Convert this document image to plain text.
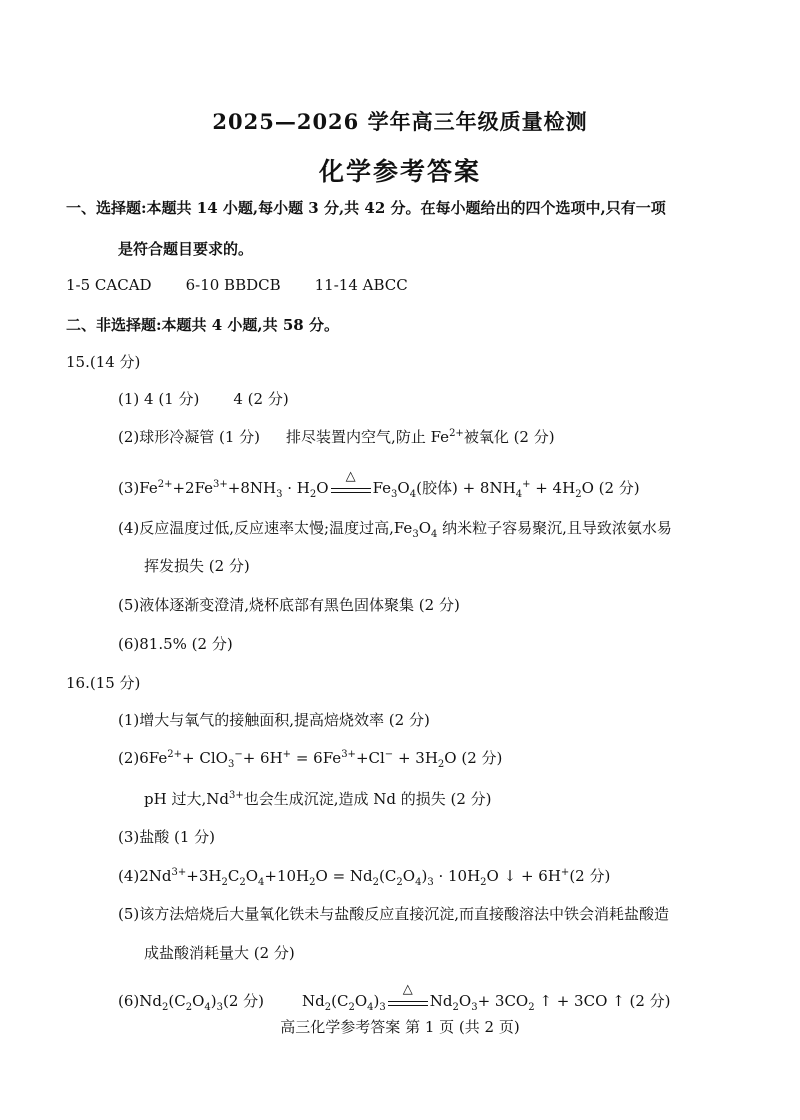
2025—2026 学年高三年级质量检测
化学参考答案
一、选择题:本题共 14 小题,每小题 3 分,共 42 分。在每小题给出的四个选项中,只有一项
是符合题目要求的。
1-5 CACAD 6-10 BBDCB 11-14 ABCC
二、非选择题:本题共 4 小题,共 58 分。
15.(14 分)
(1) 4 (1 分) 4 (2 分)
(2)球形冷凝管 (1 分) 排尽装置内空气,防止 $Fe^{2+}$被氧化 (2 分)
$(3)Fe^{2+}+2Fe^{3+}+8NH_3 \cdot H_2O$
△
$Fe_3O_4$(胶体) + $8NH_4^+ + 4H_2O$ (2 分)
(4)反应温度过低,反应速率太慢;温度过高$,Fe_3O_4$ 纳米粒子容易聚沉,且导致浓氨水易
挥发损失 (2 分)
(5)液体逐渐变澄清,烧杯底部有黑色固体聚集 (2 分)
(6)81.5% (2 分)
16.(15 分)
(1)增大与氧气的接触面积,提高焙烧效率 (2 分)
$(2)6Fe^{2+}+ ClO_3^-+ 6H^+ = 6Fe^{3+}+Cl^- + 3H_2O$ (2 分)
pH 过大$,Nd^{3+}$也会生成沉淀,造成 Nd 的损失 (2 分)
(3)盐酸 (1 分)
$(4)2Nd^{3+}+3H_2C_2O_4+10H_2O = Nd_2(C_2O_4)_3 \cdot 10H_2O$ ↓ + 6H+(2 分)
(5)该方法焙烧后大量氧化铁未与盐酸反应直接沉淀,而直接酸溶法中铁会消耗盐酸造
成盐酸消耗量大 (2 分)
$(6)Nd_2(C_2O_4)_3(2$ 分)	$Nd_2(C_2O_4)_3$
△
$Nd_2O_3+ 3CO_2$ ↑ + 3CO ↑ (2 分)
高三化学参考答案 第 1 页 (共 2 页)
